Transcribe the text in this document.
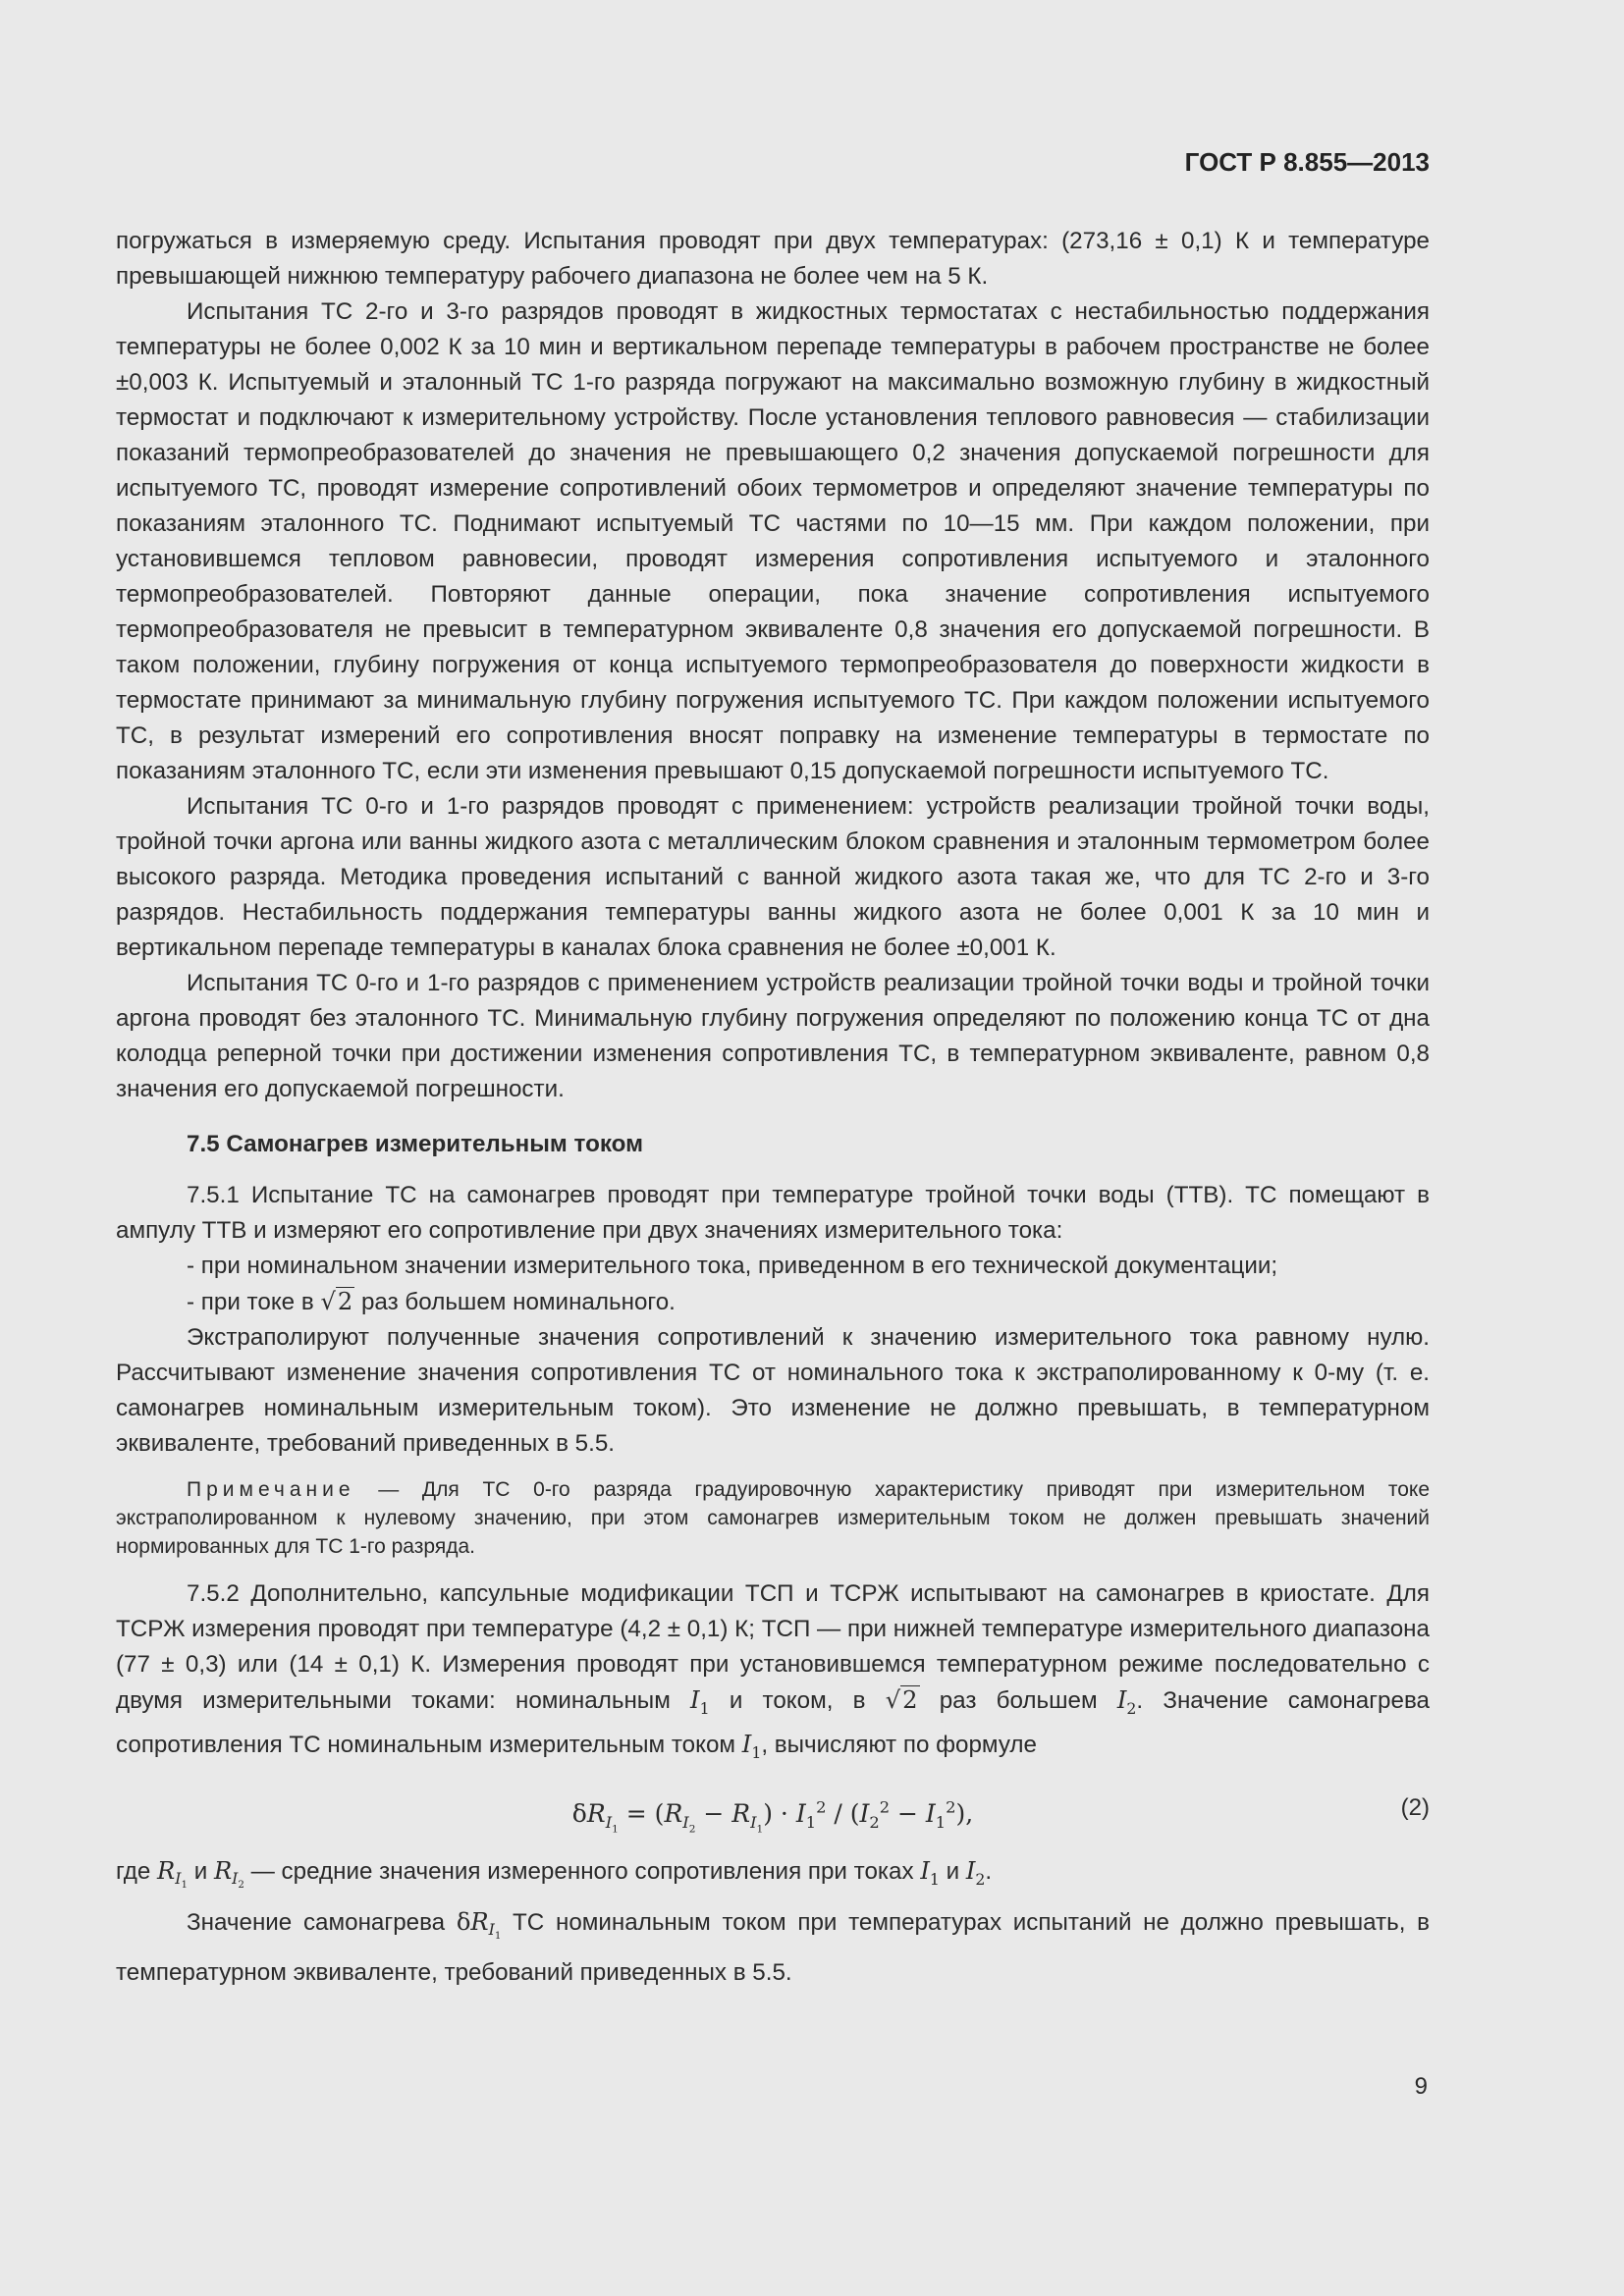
ГОСТ Р 8.855—2013

погружаться в измеряемую среду. Испытания проводят при двух температурах: (273,16 ± 0,1) К и температуре превышающей нижнюю температуру рабочего диапазона не более чем на 5 К.

Испытания ТС 2-го и 3-го разрядов проводят в жидкостных термостатах с нестабильностью поддержания температуры не более 0,002 К за 10 мин и вертикальном перепаде температуры в рабочем пространстве не более ±0,003 К. Испытуемый и эталонный ТС 1-го разряда погружают на максимально возможную глубину в жидкостный термостат и подключают к измерительному устройству. После установления теплового равновесия — стабилизации показаний термопреобразователей до значения не превышающего 0,2 значения допускаемой погрешности для испытуемого ТС, проводят измерение сопротивлений обоих термометров и определяют значение температуры по показаниям эталонного ТС. Поднимают испытуемый ТС частями по 10—15 мм. При каждом положении, при установившемся тепловом равновесии, проводят измерения сопротивления испытуемого и эталонного термопреобразователей. Повторяют данные операции, пока значение сопротивления испытуемого термопреобразователя не превысит в температурном эквиваленте 0,8 значения его допускаемой погрешности. В таком положении, глубину погружения от конца испытуемого термопреобразователя до поверхности жидкости в термостате принимают за минимальную глубину погружения испытуемого ТС. При каждом положении испытуемого ТС, в результат измерений его сопротивления вносят поправку на изменение температуры в термостате по показаниям эталонного ТС, если эти изменения превышают 0,15 допускаемой погрешности испытуемого ТС.

Испытания ТС 0-го и 1-го разрядов проводят с применением: устройств реализации тройной точки воды, тройной точки аргона или ванны жидкого азота с металлическим блоком сравнения и эталонным термометром более высокого разряда. Методика проведения испытаний с ванной жидкого азота такая же, что для ТС 2-го и 3-го разрядов. Нестабильность поддержания температуры ванны жидкого азота не более 0,001 К за 10 мин и вертикальном перепаде температуры в каналах блока сравнения не более ±0,001 К.

Испытания ТС 0-го и 1-го разрядов с применением устройств реализации тройной точки воды и тройной точки аргона проводят без эталонного ТС. Минимальную глубину погружения определяют по положению конца ТС от дна колодца реперной точки при достижении изменения сопротивления ТС, в температурном эквиваленте, равном 0,8 значения его допускаемой погрешности.

7.5 Самонагрев измерительным током

7.5.1 Испытание ТС на самонагрев проводят при температуре тройной точки воды (ТТВ). ТС помещают в ампулу ТТВ и измеряют его сопротивление при двух значениях измерительного тока:

- при номинальном значении измерительного тока, приведенном в его технической документации;

- при токе в √2 раз большем номинального.

Экстраполируют полученные значения сопротивлений к значению измерительного тока равному нулю. Рассчитывают изменение значения сопротивления ТС от номинального тока к экстраполированному к 0-му (т. е. самонагрев номинальным измерительным током). Это изменение не должно превышать, в температурном эквиваленте, требований приведенных в 5.5.

Примечание — Для ТС 0-го разряда градуировочную характеристику приводят при измерительном токе экстраполированном к нулевому значению, при этом самонагрев измерительным током не должен превышать значений нормированных для ТС 1-го разряда.

7.5.2 Дополнительно, капсульные модификации ТСП и ТСРЖ испытывают на самонагрев в криостате. Для ТСРЖ измерения проводят при температуре (4,2 ± 0,1) К; ТСП — при нижней температуре измерительного диапазона (77 ± 0,3) или (14 ± 0,1) К. Измерения проводят при установившемся температурном режиме последовательно с двумя измерительными токами: номинальным $I_1$ и током, в √2 раз большем $I_2$. Значение самонагрева сопротивления ТС номинальным измерительным током $I_1$, вычисляют по формуле

$\delta R_{I_1} = (R_{I_2} - R_{I_1}) \cdot I_1^2 / (I_2^2 - I_1^2)$,	(2)

где $R_{I_1}$ и $R_{I_2}$ — средние значения измеренного сопротивления при токах $I_1$ и $I_2$.

Значение самонагрева $\delta R_{I_1}$ ТС номинальным током при температурах испытаний не должно превышать, в температурном эквиваленте, требований приведенных в 5.5.

9
